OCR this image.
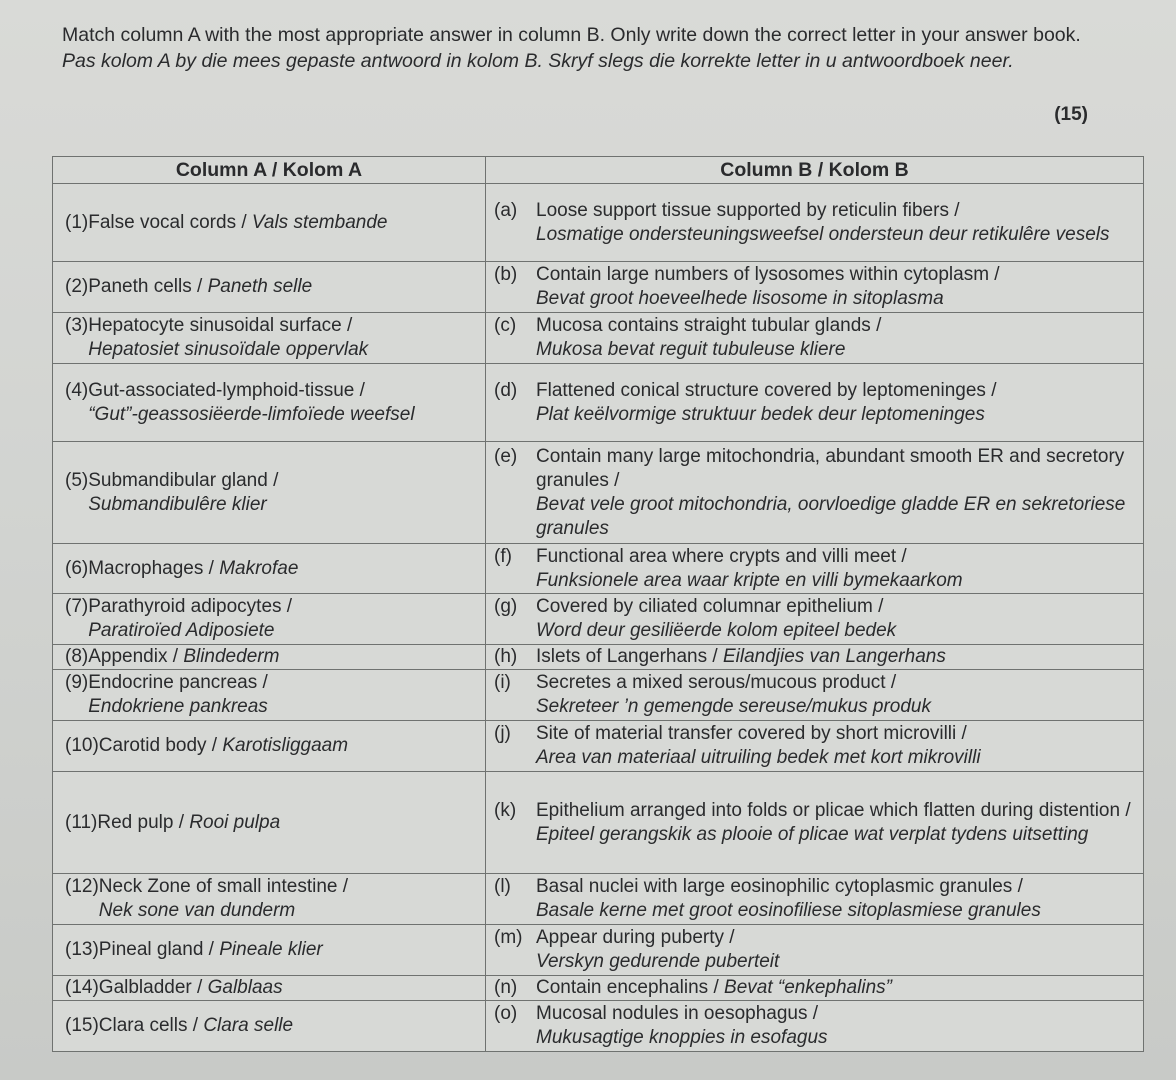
Match column A with the most appropriate answer in column B. Only write down the correct letter in your answer book.
Pas kolom A by die mees gepaste antwoord in kolom B. Skryf slegs die korrekte letter in u antwoordboek neer.
(15)
Column A / Kolom A	Column B / Kolom B

(1) False vocal cords / Vals stembande	(a) Loose support tissue supported by reticulin fibers /
Losmatige ondersteuningsweefsel ondersteun deur retikulêre vesels

(2) Paneth cells / Paneth selle	(b) Contain large numbers of lysosomes within cytoplasm /
Bevat groot hoeveelhede lisosome in sitoplasma

(3) Hepatocyte sinusoidal surface /
Hepatosiet sinusoïdale oppervlak	(c) Mucosa contains straight tubular glands /
Mukosa bevat reguit tubuleuse kliere

(4) Gut-associated-lymphoid-tissue /
“Gut”-geassosiëerde-limfoïede weefsel	(d) Flattened conical structure covered by leptomeninges /
Plat keëlvormige struktuur bedek deur leptomeninges

(5) Submandibular gland /
Submandibulêre klier	(e) Contain many large mitochondria, abundant smooth ER and secretory granules /
Bevat vele groot mitochondria, oorvloedige gladde ER en sekretoriese granules

(6) Macrophages / Makrofae	(f) Functional area where crypts and villi meet /
Funksionele area waar kripte en villi bymekaarkom

(7) Parathyroid adipocytes /
Paratiroïed Adiposiete	(g) Covered by ciliated columnar epithelium /
Word deur gesiliëerde kolom epiteel bedek

(8) Appendix / Blindederm	(h) Islets of Langerhans / Eilandjies van Langerhans

(9) Endocrine pancreas /
Endokriene pankreas	(i) Secretes a mixed serous/mucous product /
Sekreteer ’n gemengde sereuse/mukus produk

(10) Carotid body / Karotisliggaam	(j) Site of material transfer covered by short microvilli /
Area van materiaal uitruiling bedek met kort mikrovilli

(11) Red pulp / Rooi pulpa	(k) Epithelium arranged into folds or plicae which flatten during distention /
Epiteel gerangskik as plooie of plicae wat verplat tydens uitsetting

(12) Neck Zone of small intestine /
Nek sone van dunderm	(l) Basal nuclei with large eosinophilic cytoplasmic granules /
Basale kerne met groot eosinofiliese sitoplasmiese granules

(13) Pineal gland / Pineale klier	(m) Appear during puberty /
Verskyn gedurende puberteit

(14) Galbladder / Galblaas	(n) Contain encephalins / Bevat “enkephalins”

(15) Clara cells / Clara selle	(o) Mucosal nodules in oesophagus /
Mukusagtige knoppies in esofagus
